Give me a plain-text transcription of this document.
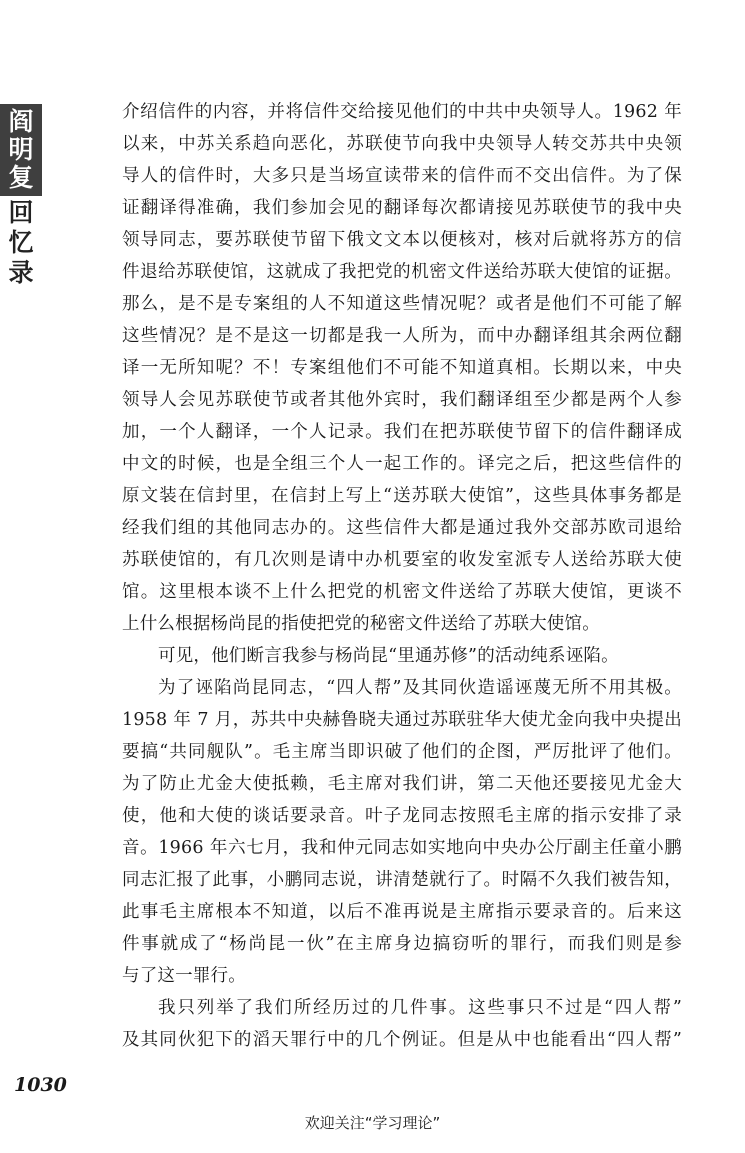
阎
明
复
回
忆
录
介绍信件的内容，并将信件交给接见他们的中共中央领导人。1962 年
以来，中苏关系趋向恶化，苏联使节向我中央领导人转交苏共中央领
导人的信件时，大多只是当场宣读带来的信件而不交出信件。为了保
证翻译得准确，我们参加会见的翻译每次都请接见苏联使节的我中央
领导同志，要苏联使节留下俄文文本以便核对，核对后就将苏方的信
件退给苏联使馆，这就成了我把党的机密文件送给苏联大使馆的证据。
那么，是不是专案组的人不知道这些情况呢？或者是他们不可能了解
这些情况？是不是这一切都是我一人所为，而中办翻译组其余两位翻
译一无所知呢？不！专案组他们不可能不知道真相。长期以来，中央
领导人会见苏联使节或者其他外宾时，我们翻译组至少都是两个人参
加，一个人翻译，一个人记录。我们在把苏联使节留下的信件翻译成
中文的时候，也是全组三个人一起工作的。译完之后，把这些信件的
原文装在信封里，在信封上写上“送苏联大使馆”，这些具体事务都是
经我们组的其他同志办的。这些信件大都是通过我外交部苏欧司退给
苏联使馆的，有几次则是请中办机要室的收发室派专人送给苏联大使
馆。这里根本谈不上什么把党的机密文件送给了苏联大使馆，更谈不
上什么根据杨尚昆的指使把党的秘密文件送给了苏联大使馆。
可见，他们断言我参与杨尚昆“里通苏修”的活动纯系诬陷。
为了诬陷尚昆同志，“四人帮”及其同伙造谣诬蔑无所不用其极。
1958 年 7 月，苏共中央赫鲁晓夫通过苏联驻华大使尤金向我中央提出
要搞“共同舰队”。毛主席当即识破了他们的企图，严厉批评了他们。
为了防止尤金大使抵赖，毛主席对我们讲，第二天他还要接见尤金大
使，他和大使的谈话要录音。叶子龙同志按照毛主席的指示安排了录
音。1966 年六七月，我和仲元同志如实地向中央办公厅副主任童小鹏
同志汇报了此事，小鹏同志说，讲清楚就行了。时隔不久我们被告知，
此事毛主席根本不知道，以后不准再说是主席指示要录音的。后来这
件事就成了“杨尚昆一伙”在主席身边搞窃听的罪行，而我们则是参
与了这一罪行。
我只列举了我们所经历过的几件事。这些事只不过是“四人帮”
及其同伙犯下的滔天罪行中的几个例证。但是从中也能看出“四人帮”
1030
欢迎关注“学习理论”
